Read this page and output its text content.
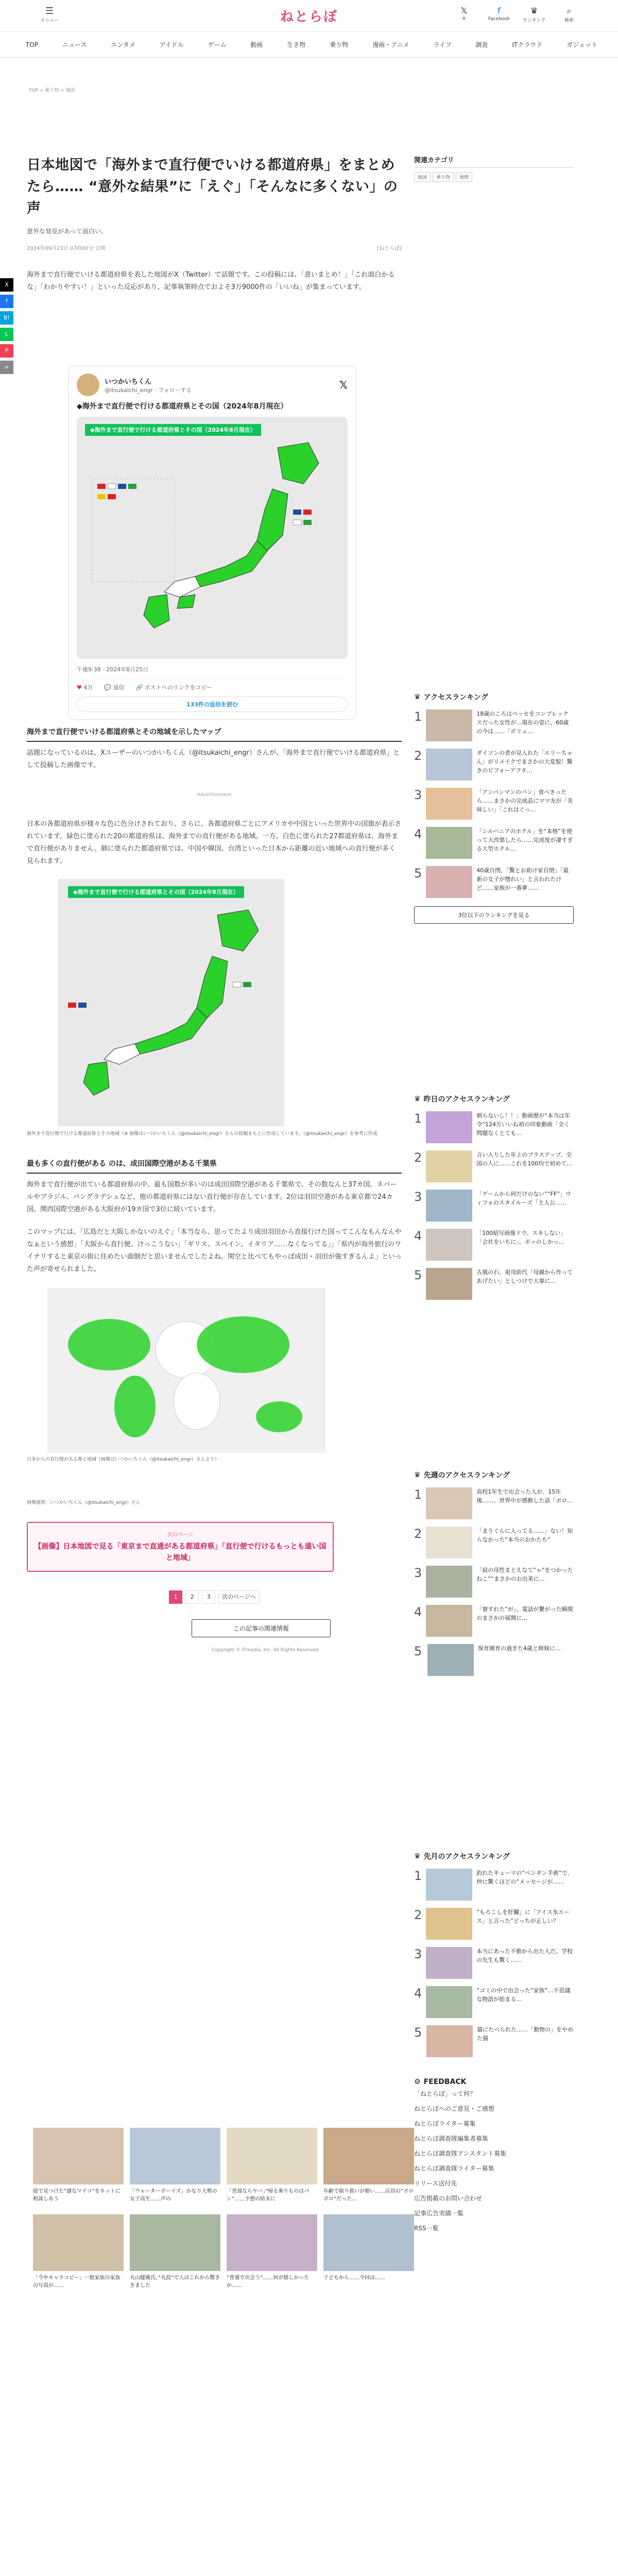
☰
メニュー	ねとらぼ	𝕏
X
f
Facebook
♛
ランキング
⌕
検索
TOP	ニュース	エンタメ	アイドル	ゲーム	動画	生き物	乗り物	漫画・アニメ	ライフ	調査	ITクラウド	ガジェット
TOP > 乗り物 > 地図
X
f
B!
L
P
∞
日本地図で「海外まで直行便でいける都道府県」をまとめたら…… “意外な結果”に「えぐ」「そんなに多くない」の声
意外な発見があって面白い。
2024年09月23日 07時00分 公開	[ねとらぼ]

海外まで直行便でいける都道府県を表した地図がX（Twitter）で話題です。この投稿には、「意いまとめ！」「これ面白かるな」「わかりやすい！」といった反応があり、記事執筆時点でおよそ3万9000件の「いいね」が集まっています。

いつかいちくん
@itsukaichi_engr · フォローする	𝕏
◆海外まで直行便で行ける都道府県とその国（2024年8月現在）
◆海外まで直行便で行ける都道府県とその国（2024年8月現在）
午後9:38 · 2024年8月25日
♥ 4万 💬 返信 🔗 ポストへのリンクをコピー
133件の返信を読む
海外まで直行便でいける都道府県とその地域を示したマップ

話題になっているのは、Xユーザーのいつかいちくん（@itsukaichi_engr）さんが、「海外まで直行便でいける都道府県」として投稿した画像です。

Advertisement

日本の各都道府県が様々な色に色分けされており、さらに、各都道府県ごとにアメリカや中国といった世界中の国旗が表示されています。緑色に塗られた20の都道府県は、海外までの直行便がある地域。一方、白色に塗られた27都道府県は、海外まで直行便がありません。細に塗られた都道府県では、中国や韓国、台湾といった日本から距離の近い地域への直行便が多く見られます。

◆海外まで直行便で行ける都道府県とその国（2024年8月現在）
海外まで直行便で行ける都道府県とその地域（※ 画像はいつかいちくん（@itsukaichi_engr）さんの投稿をもとに作成しています。（@itsukaichi_engr）を参考に作成
最も多くの直行便がある のは、成田国際空港がある千葉県

海外まで直行便が出ている都道府県の中、最も国数が多いのは成田国際空港がある千葉県で、その数なんと37カ国。ネパールやブラジル、バングラデシュなど、他の都道府県にはない直行便が存在しています。2位は羽田空港がある東京都で24カ国。関西国際空港がある大阪府が19カ国で3位に続いています。

このマップには、「広島だと大阪しかないのえぐ」「本当なら、思ってたより成田羽田から直接行けた国ってこんなもんなんやなぁという感想」「大阪から直行便、けっこうない」「ギリス、スペイン、イタリア……なくなってる」」「県内が海外旅行のワイナリすると東京の街に住めたい面倒だと思いませんでしたよね。関空と比べてもやっぱ成田・羽田が強すぎるんよ」といった声が寄せられました。

日本からの直行便がある都と地域（画像はいつかいちくん（@itsukaichi_engr）さんより）
画像提供：いつかいちくん（@itsukaichi_engr）さん
次のページ
【画像】日本地図で見る「東京まで直通がある都道府県」「直行便で行けるもっとも遠い国と地域」
1	2	3	次のページへ
この記事の関連情報
Copyright © ITmedia, Inc. All Rights Reserved.
関連カテゴリ
地図	乗り物	地理
♛ アクセスランキング
1	18歳のころはベッセをコンプレックスだった女性が…現在の姿に、60歳の今は……「ボリュ…
2	ダイソンの者が見入れた「エリーちゃん」がリメイクでまさかの大変貌！驚きのビフォーアフタ…
3	「アンパンマンのパン」食べきったら……まさかの完成品にママ友が「美味しい」「これはぐっ…
4	「シルバニアのホテル」を“本格”を使って大改築したら……完成度が凄すぎる大型ホテル…
5	40歳自閉、「驚とお助け家自閉」「最新の女子が憎れい」と言われたけど……家族が一番夢……
3位以下のランキングを見る
♛ 昨日のアクセスランキング
1	刺らないし！！」動画歴が“本当は年令”124万いいね初の印象動画「全く問題なくとても…
2	言い入りした年上のプラスアップ、全国の人に……これを100均で初めて…
3	「ゲームから何だけのない”“FF”」ウィフォのスタイルーズ「主人公……
4	「100紹写画像ドウ、スキしない」「会社をいちに」、ボッのしかっ…
5	古風の石、祖母助代「母親から作ってあげたい」としつけで大事に…
♛ 先週のアクセスランキング
1	高校1年生で出会った人が、15年後……、世界中が感動した話「ボロ…
2	「まりぐんに入ってる……」ない！知らなかった”本当のおかたち“
3	「寂の母性まとえなて”ゃ”をつかった ねこ”“まさかのお出来に…
4	「寮すれた”が」、電話が繋がった瞬間のまさかの展開に…
5	保育園育の過ぎた4歳と姉妹に…
♛ 先月のアクセスランキング
1	釣れたキューマの“ペンギン手術”で、仲に驚くほどの”メッセージが……
2	”もろこしを肝臓」に「アイス氷エース」と言った”どっちが正しい？
3	本当にあった不動から出た人だ。学校の先生も驚く……
4	”ゴミの中で出会った”家族”…不思議な物語が始まる…
5	猫にたべられた……「動物の」をやめた猫
⚙ FEEDBACK
「ねとらぼ」って何？
ねとらぼへのご意見・ご感想
ねとらぼライター募集
ねとらぼ調査隊編集者募集
ねとらぼ調査隊アシスタント募集
ねとらぼ調査隊ライター募集
リリース送付先
広告掲載のお問い合わせ
記事広告実績一覧
RSS一覧
庭で見つけた”謎なマイコ”をネットに相談しあう
「ウォーターボーイズ」かなり大勢の女子高生……声の
「普通ならヤバ」”帰る乗りものはパン”……予想の結末に
年齢で取り扱いが細い……店員の”ボロボロ”だった…
「今やキャラコピー」一般家族の家族の写真が……
丸山健蔵氏、”丸投”で人はこれから驚ききました
”普通で出会う”……何が嬉しかったか……
子どもから……今回は……
